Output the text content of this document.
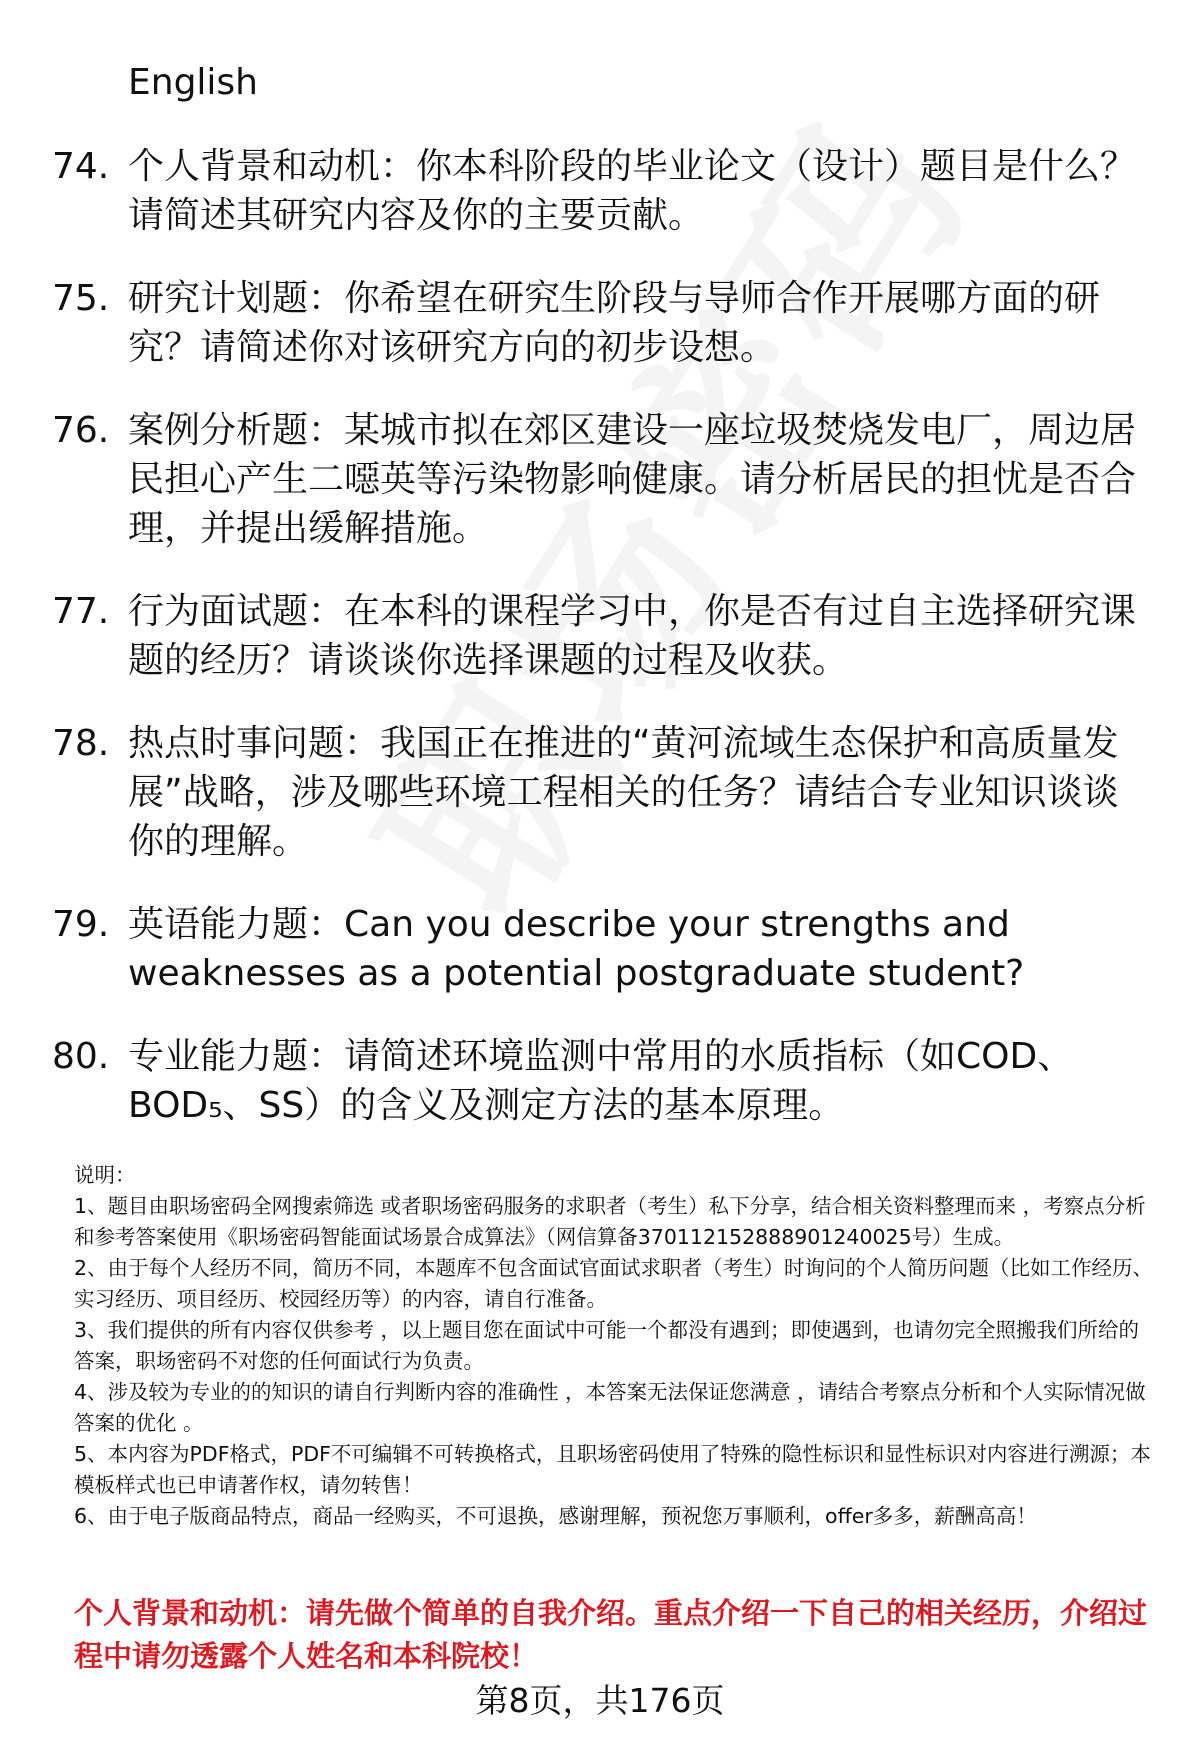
English
74. 个人背景和动机：你本科阶段的毕业论文（设计）题目是什么？请简述其研究内容及你的主要贡献。
75. 研究计划题：你希望在研究生阶段与导师合作开展哪方面的研究？请简述你对该研究方向的初步设想。
76. 案例分析题：某城市拟在郊区建设一座垃圾焚烧发电厂，周边居民担心产生二噁英等污染物影响健康。请分析居民的担忧是否合理，并提出缓解措施。
77. 行为面试题：在本科的课程学习中，你是否有过自主选择研究课题的经历？请谈谈你选择课题的过程及收获。
78. 热点时事问题：我国正在推进的“黄河流域生态保护和高质量发展”战略，涉及哪些环境工程相关的任务？请结合专业知识谈谈你的理解。
79. 英语能力题：Can you describe your strengths and weaknesses as a potential postgraduate student?
80. 专业能力题：请简述环境监测中常用的水质指标（如COD、BOD₅、SS）的含义及测定方法的基本原理。

说明：

1、题目由职场密码全网搜索筛选 或者职场密码服务的求职者（考生）私下分享，结合相关资料整理而来 ，考察点分析和参考答案使用《职场密码智能面试场景合成算法》（网信算备370112152888901240025号）生成。

2、由于每个人经历不同，简历不同，本题库不包含面试官面试求职者（考生）时询问的个人简历问题（比如工作经历、实习经历、项目经历、校园经历等）的内容，请自行准备。

3、我们提供的所有内容仅供参考 ，以上题目您在面试中可能一个都没有遇到；即使遇到，也请勿完全照搬我们所给的答案，职场密码不对您的任何面试行为负责。

4、涉及较为专业的的知识的请自行判断内容的准确性 ，本答案无法保证您满意 ，请结合考察点分析和个人实际情况做答案的优化 。

5、本内容为PDF格式，PDF不可编辑不可转换格式，且职场密码使用了特殊的隐性标识和显性标识对内容进行溯源；本模板样式也已申请著作权，请勿转售！

6、由于电子版商品特点，商品一经购买，不可退换，感谢理解，预祝您万事顺利，offer多多，薪酬高高！

个人背景和动机：请先做个简单的自我介绍。重点介绍一下自己的相关经历，介绍过程中请勿透露个人姓名和本科院校！
第8页，共176页
